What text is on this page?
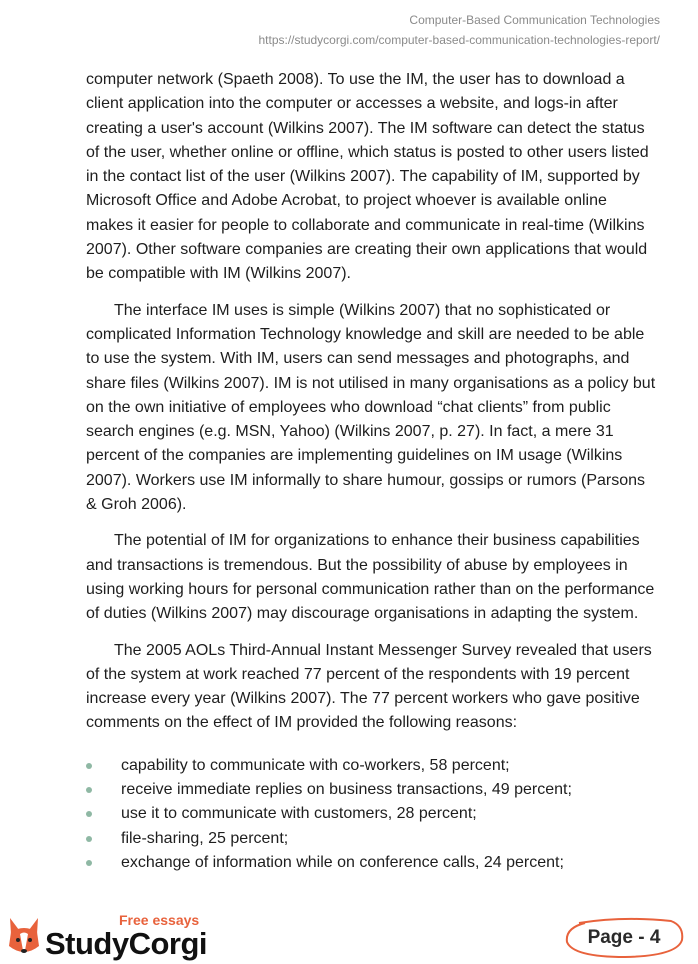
Computer-Based Communication Technologies
https://studycorgi.com/computer-based-communication-technologies-report/

computer network (Spaeth 2008). To use the IM, the user has to download a client application into the computer or accesses a website, and logs-in after creating a user's account (Wilkins 2007). The IM software can detect the status of the user, whether online or offline, which status is posted to other users listed in the contact list of the user (Wilkins 2007). The capability of IM, supported by Microsoft Office and Adobe Acrobat, to project whoever is available online makes it easier for people to collaborate and communicate in real-time (Wilkins 2007). Other software companies are creating their own applications that would be compatible with IM (Wilkins 2007).

The interface IM uses is simple (Wilkins 2007) that no sophisticated or complicated Information Technology knowledge and skill are needed to be able to use the system. With IM, users can send messages and photographs, and share files (Wilkins 2007). IM is not utilised in many organisations as a policy but on the own initiative of employees who download “chat clients” from public search engines (e.g. MSN, Yahoo) (Wilkins 2007, p. 27). In fact, a mere 31 percent of the companies are implementing guidelines on IM usage (Wilkins 2007). Workers use IM informally to share humour, gossips or rumors (Parsons & Groh 2006).

The potential of IM for organizations to enhance their business capabilities and transactions is tremendous. But the possibility of abuse by employees in using working hours for personal communication rather than on the performance of duties (Wilkins 2007) may discourage organisations in adapting the system.

The 2005 AOLs Third-Annual Instant Messenger Survey revealed that users of the system at work reached 77 percent of the respondents with 19 percent increase every year (Wilkins 2007). The 77 percent workers who gave positive comments on the effect of IM provided the following reasons:

capability to communicate with co-workers, 58 percent;
receive immediate replies on business transactions, 49 percent;
use it to communicate with customers, 28 percent;
file-sharing, 25 percent;
exchange of information while on conference calls, 24 percent;
Free essays
StudyCorgi	Page - 4
